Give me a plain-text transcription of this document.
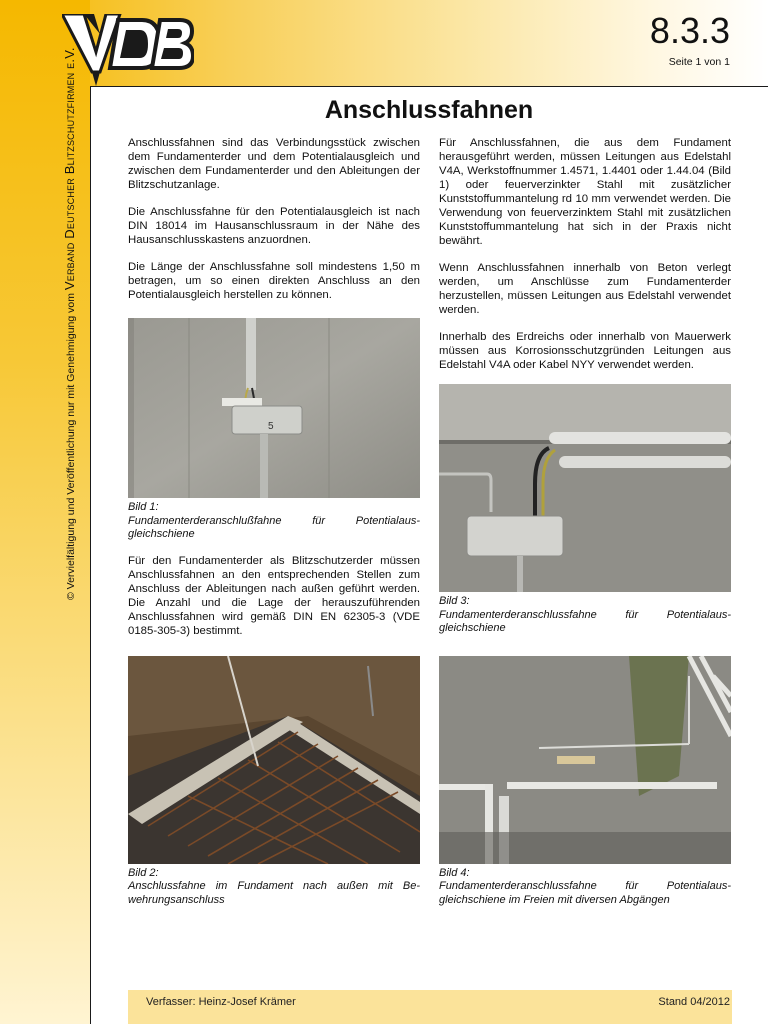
© Vervielfältigung und Veröffentlichung nur mit Genehmigung vom Verband Deutscher Blitzschutzfirmen e.V.
8.3.3
Seite 1 von 1
Anschlussfahnen

Anschlussfahnen sind das Verbindungsstück zwischen dem Fundamenterder und dem Potentialausgleich und zwischen dem Fundamenterder und den Ableitungen der Blitzschutzanlage.

Die Anschlussfahne für den Potentialausgleich ist nach DIN 18014 im Hausanschlussraum in der Nähe des Hausanschlusskastens anzuordnen.

Die Länge der Anschlussfahne soll mindestens 1,50 m betragen, um so einen direkten Anschluss an den Potentialausgleich herstellen zu können.

5
Bild 1:
Fundamenterderanschlußfahne für Potentialaus-gleichschiene

Für den Fundamenterder als Blitzschutzerder müssen Anschlussfahnen an den entsprechenden Stellen zum Anschluss der Ableitungen nach außen geführt werden. Die Anzahl und die Lage der herauszuführenden Anschlussfahnen wird gemäß DIN EN 62305-3 (VDE 0185-305-3) bestimmt.

Bild 2:
Anschlussfahne im Fundament nach außen mit Be-wehrungsanschluss

Für Anschlussfahnen, die aus dem Fundament herausgeführt werden, müssen Leitungen aus Edelstahl V4A, Werkstoffnummer 1.4571, 1.4401 oder 1.44.04 (Bild 1) oder feuerverzinkter Stahl mit zusätzlicher Kunststoffummantelung rd 10 mm verwendet werden. Die Verwendung von feuerverzinktem Stahl mit zusätzlichen Kunststoffummantelung hat sich in der Praxis nicht bewährt.

Wenn Anschlussfahnen innerhalb von Beton verlegt werden, um Anschlüsse zum Fundamenterder herzustellen, müssen Leitungen aus Edelstahl verwendet werden.

Innerhalb des Erdreichs oder innerhalb von Mauerwerk müssen aus Korrosionsschutzgründen Leitungen aus Edelstahl V4A oder Kabel NYY verwendet werden.

Bild 3:
Fundamenterderanschlussfahne für Potentialaus-gleichschiene
Bild 4:
Fundamenterderanschlussfahne für Potentialaus-gleichschiene im Freien mit diversen Abgängen
Verfasser: Heinz-Josef Krämer	Stand 04/2012
